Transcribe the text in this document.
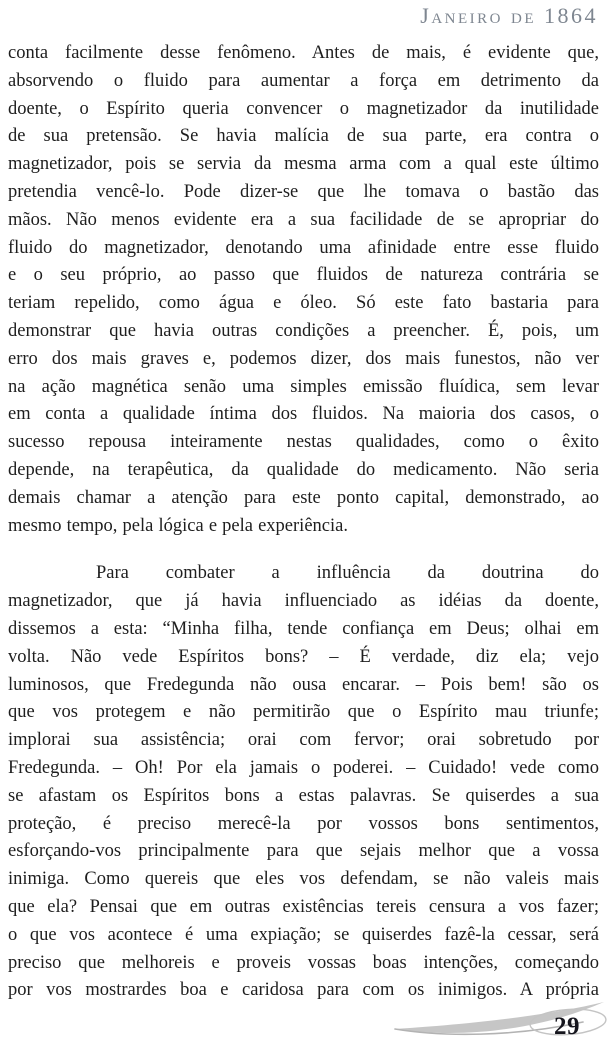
Janeiro de 1864
conta facilmente desse fenômeno. Antes de mais, é evidente que,
absorvendo o fluido para aumentar a força em detrimento da
doente, o Espírito queria convencer o magnetizador da inutilidade
de sua pretensão. Se havia malícia de sua parte, era contra o
magnetizador, pois se servia da mesma arma com a qual este último
pretendia vencê-lo. Pode dizer-se que lhe tomava o bastão das
mãos. Não menos evidente era a sua facilidade de se apropriar do
fluido do magnetizador, denotando uma afinidade entre esse fluido
e o seu próprio, ao passo que fluidos de natureza contrária se
teriam repelido, como água e óleo. Só este fato bastaria para
demonstrar que havia outras condições a preencher. É, pois, um
erro dos mais graves e, podemos dizer, dos mais funestos, não ver
na ação magnética senão uma simples emissão fluídica, sem levar
em conta a qualidade íntima dos fluidos. Na maioria dos casos, o
sucesso repousa inteiramente nestas qualidades, como o êxito
depende, na terapêutica, da qualidade do medicamento. Não seria
demais chamar a atenção para este ponto capital, demonstrado, ao
mesmo tempo, pela lógica e pela experiência.
Para combater a influência da doutrina do
magnetizador, que já havia influenciado as idéias da doente,
dissemos a esta: “Minha filha, tende confiança em Deus; olhai em
volta. Não vede Espíritos bons? – É verdade, diz ela; vejo
luminosos, que Fredegunda não ousa encarar. – Pois bem! são os
que vos protegem e não permitirão que o Espírito mau triunfe;
implorai sua assistência; orai com fervor; orai sobretudo por
Fredegunda. – Oh! Por ela jamais o poderei. – Cuidado! vede como
se afastam os Espíritos bons a estas palavras. Se quiserdes a sua
proteção, é preciso merecê-la por vossos bons sentimentos,
esforçando-vos principalmente para que sejais melhor que a vossa
inimiga. Como quereis que eles vos defendam, se não valeis mais
que ela? Pensai que em outras existências tereis censura a vos fazer;
o que vos acontece é uma expiação; se quiserdes fazê-la cessar, será
preciso que melhoreis e proveis vossas boas intenções, começando
por vos mostrardes boa e caridosa para com os inimigos. A própria
29
